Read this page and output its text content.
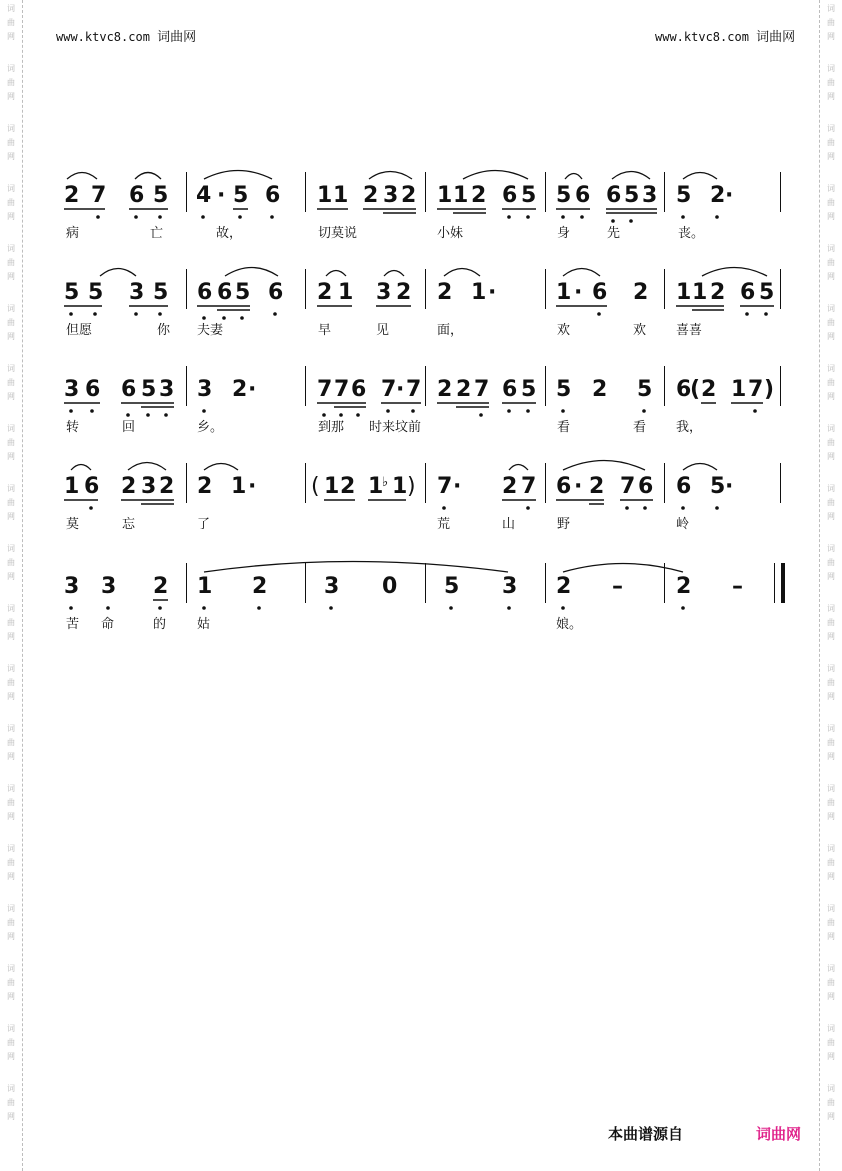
词
曲
网
词
曲
网
词
曲
网
词
曲
网
词
曲
网
词
曲
网
词
曲
网
词
曲
网
词
曲
网
词
曲
网
词
曲
网
词
曲
网
词
曲
网
词
曲
网
词
曲
网
词
曲
网
词
曲
网
词
曲
网
词
曲
网
词
曲
网
词
曲
网
词
曲
网
词
曲
网
词
曲
网
词
曲
网
词
曲
网
词
曲
网
词
曲
网
词
曲
网
词
曲
网
词
曲
网
词
曲
网
词
曲
网
词
曲
网
词
曲
网
词
曲
网
词
曲
网
词
曲
网
www.ktvc8.com 词曲网	www.ktvc8.com 词曲网
2 7 6 5 4 · 5 6 1 1 2 3 2 1 1 2 6 5 5 6 6 5 3 5 2 ·
病	亡	故，	切莫说	小妹	身	先	丧。
5 5 3 5 6 6 5 6 2 1 3 2 2 1 ·	1 · 6 2 1 1 2 6 5
但愿	你 夫妻	早	见	面，	欢	欢 喜喜
3 6 6 5 3 3 2 ·	7 7 6 7 · 7 2 2 7 6 5 5 2 5 6
( 2 1 7 )
转	回	乡。	到那 时来坟前	看	看 我，
1 6 2 3 2 2 1 · ( 1 2 1
♭ 1 ) 7 · 2 7 6 · 2 7 6 6 5 ·
莫	忘	了	荒	山	野	岭
3 3 2 1 2	3 0 5 3 2 – 2 –
苦 命	的 姑	娘。
本曲谱源自	词曲网
